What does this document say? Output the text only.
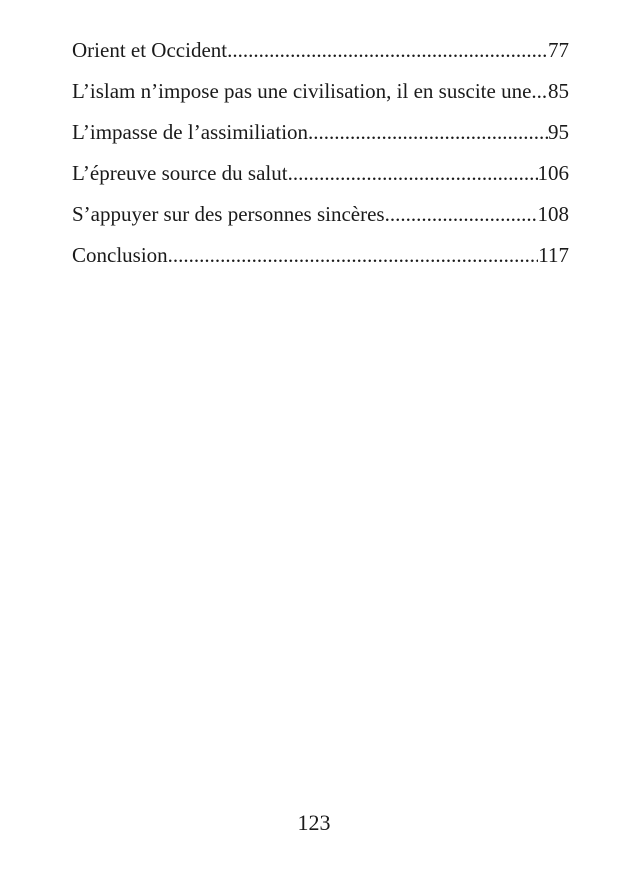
Orient et Occident .....	77
L’islam n’impose pas une civilisation, il en suscite une ..... 85
L’impasse de l’assimiliation .....	95
L’épreuve source du salut .....	106
S’appuyer sur des personnes sincères .....	108
Conclusion .....	117
123
